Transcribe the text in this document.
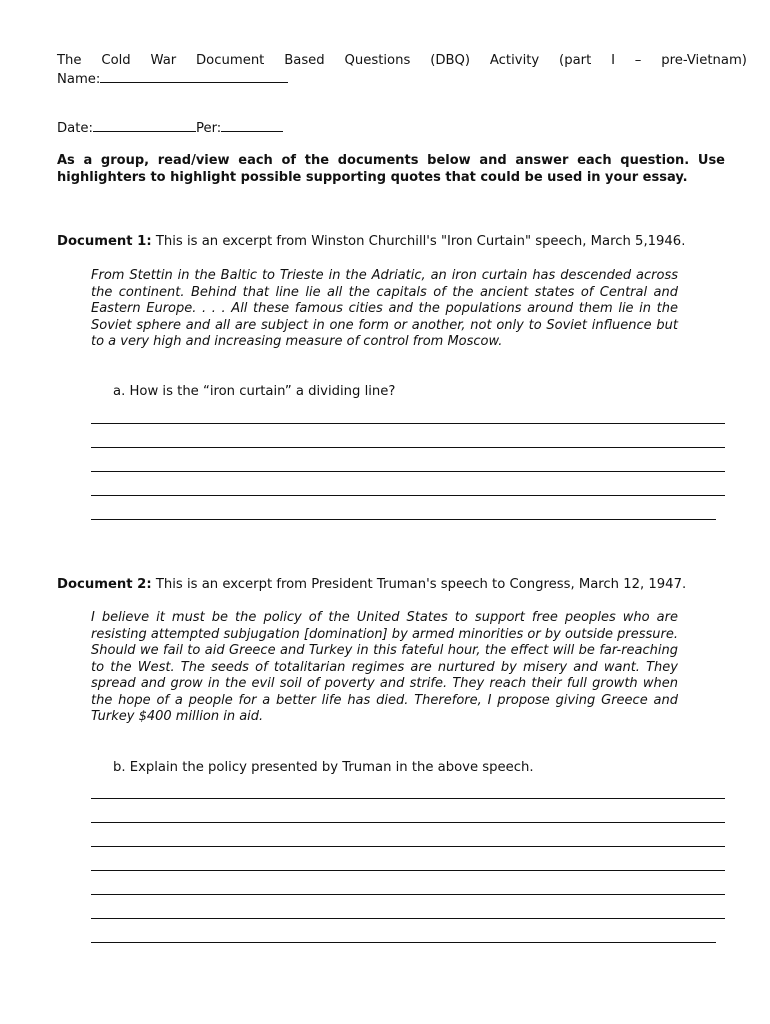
The Cold War Document Based Questions (DBQ) Activity (part I – pre-Vietnam)
Name:
Date:	Per:
As a group, read/view each of the documents below and answer each question. Use highlighters to highlight possible supporting quotes that could be used in your essay.
Document 1: This is an excerpt from Winston Churchill's "Iron Curtain" speech, March 5,1946.
From Stettin in the Baltic to Trieste in the Adriatic, an iron curtain has descended across the continent. Behind that line lie all the capitals of the ancient states of Central and Eastern Europe. . . . All these famous cities and the populations around them lie in the Soviet sphere and all are subject in one form or another, not only to Soviet influence but to a very high and increasing measure of control from Moscow.
a. How is the “iron curtain” a dividing line?
Document 2: This is an excerpt from President Truman's speech to Congress, March 12, 1947.
I believe it must be the policy of the United States to support free peoples who are resisting attempted subjugation [domination] by armed minorities or by outside pressure. Should we fail to aid Greece and Turkey in this fateful hour, the effect will be far-reaching to the West. The seeds of totalitarian regimes are nurtured by misery and want. They spread and grow in the evil soil of poverty and strife. They reach their full growth when the hope of a people for a better life has died. Therefore, I propose giving Greece and Turkey $400 million in aid.
b. Explain the policy presented by Truman in the above speech.
